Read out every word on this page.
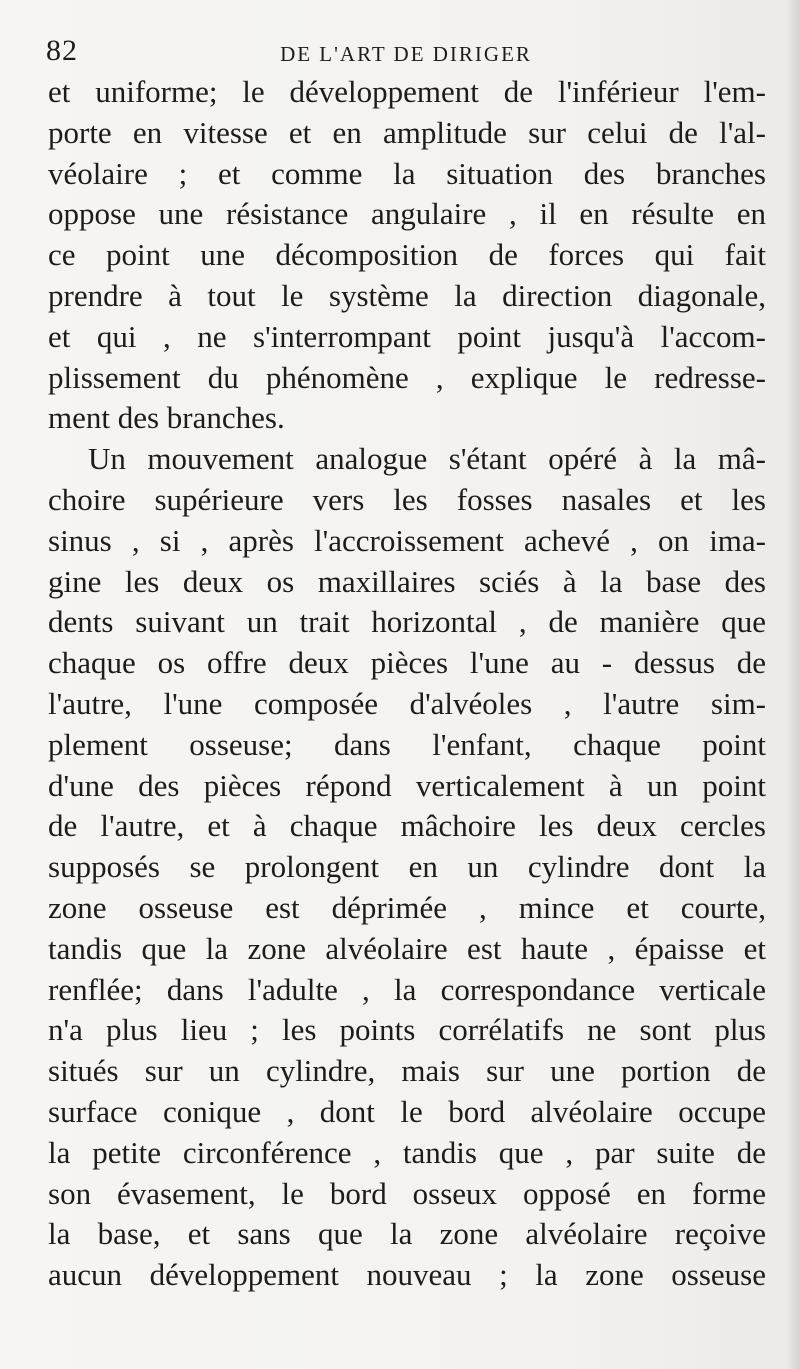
82	DE L'ART DE DIRIGER
et uniforme; le développement de l'inférieur l'em-
porte en vitesse et en amplitude sur celui de l'al-
véolaire ; et comme la situation des branches
oppose une résistance angulaire , il en résulte en
ce point une décomposition de forces qui fait
prendre à tout le système la direction diagonale,
et qui , ne s'interrompant point jusqu'à l'accom-
plissement du phénomène , explique le redresse-
ment des branches.
Un mouvement analogue s'étant opéré à la mâ-
choire supérieure vers les fosses nasales et les
sinus , si , après l'accroissement achevé , on ima-
gine les deux os maxillaires sciés à la base des
dents suivant un trait horizontal , de manière que
chaque os offre deux pièces l'une au - dessus de
l'autre, l'une composée d'alvéoles , l'autre sim-
plement osseuse; dans l'enfant, chaque point
d'une des pièces répond verticalement à un point
de l'autre, et à chaque mâchoire les deux cercles
supposés se prolongent en un cylindre dont la
zone osseuse est déprimée , mince et courte,
tandis que la zone alvéolaire est haute , épaisse et
renflée; dans l'adulte , la correspondance verticale
n'a plus lieu ; les points corrélatifs ne sont plus
situés sur un cylindre, mais sur une portion de
surface conique , dont le bord alvéolaire occupe
la petite circonférence , tandis que , par suite de
son évasement, le bord osseux opposé en forme
la base, et sans que la zone alvéolaire reçoive
aucun développement nouveau ; la zone osseuse
